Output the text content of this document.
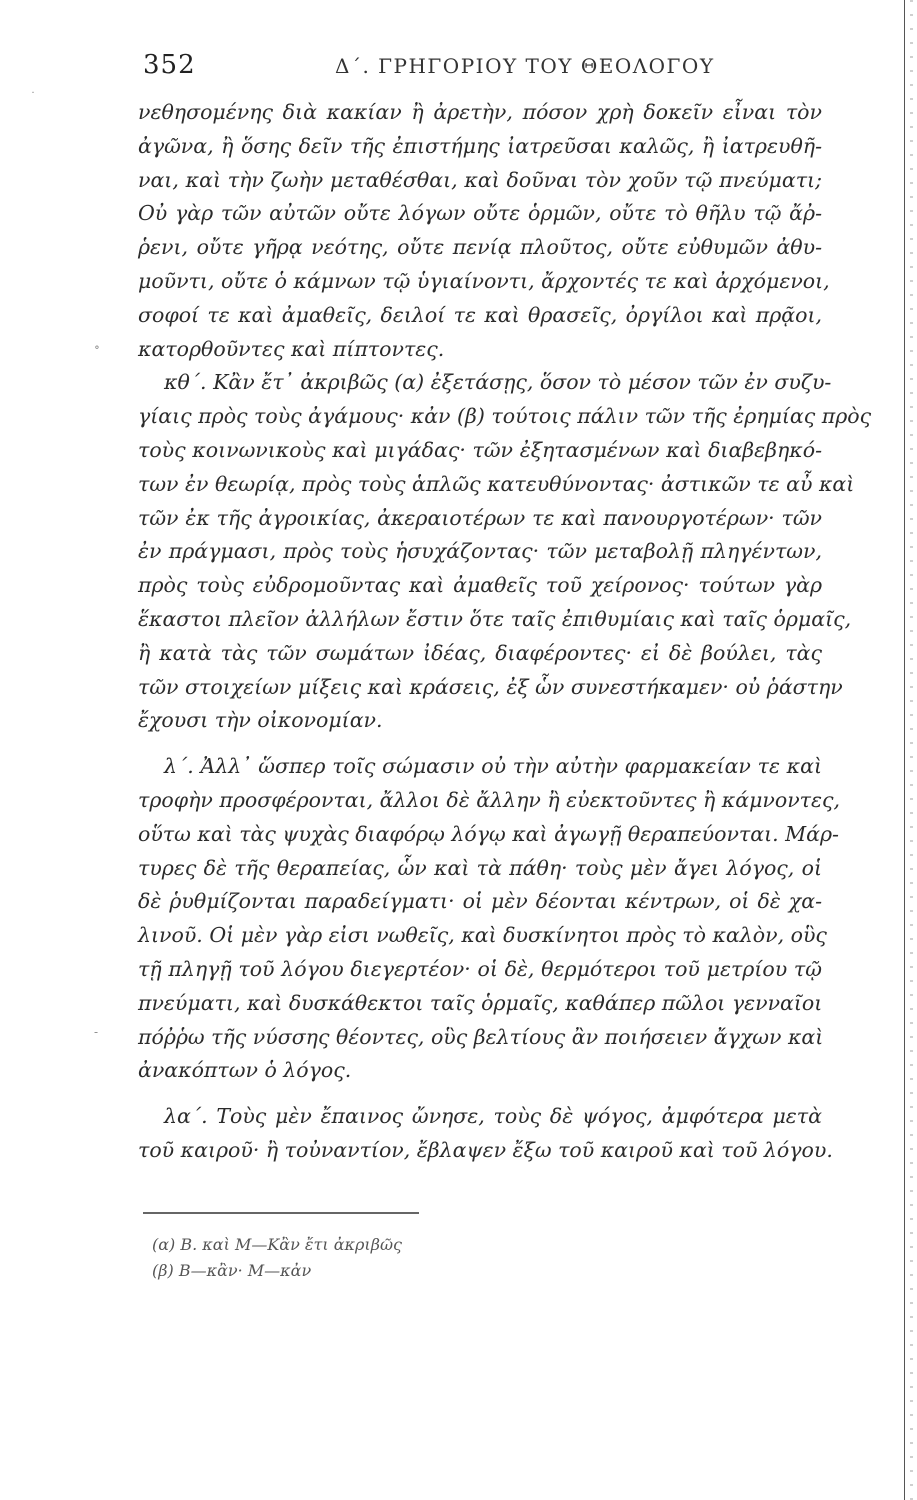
˙
∘
-
352	Δ΄. ΓΡΗΓΟΡΙΟΥ ΤΟΥ ΘΕΟΛΟΓΟΥ
νεθησομένης διὰ κακίαν ἢ ἀρετὴν, πόσον χρὴ δοκεῖν εἶναι τὸν
ἀγῶνα, ἢ ὅσης δεῖν τῆς ἐπιστήμης ἰατρεῦσαι καλῶς, ἢ ἰατρευθῆ-
ναι, καὶ τὴν ζωὴν μεταθέσθαι, καὶ δοῦναι τὸν χοῦν τῷ πνεύματι;
Οὐ γὰρ τῶν αὐτῶν οὔτε λόγων οὔτε ὁρμῶν, οὔτε τὸ θῆλυ τῷ ἄῤ-
ῥενι, οὔτε γῆρᾳ νεότης, οὔτε πενίᾳ πλοῦτος, οὔτε εὐθυμῶν ἀθυ-
μοῦντι, οὔτε ὁ κάμνων τῷ ὑγιαίνοντι, ἄρχοντές τε καὶ ἀρχόμενοι,
σοφοί τε καὶ ἀμαθεῖς, δειλοί τε καὶ θρασεῖς, ὀργίλοι καὶ πρᾷοι,
κατορθοῦντες καὶ πίπτοντες.
κθ΄. Κἂν ἔτ᾽ ἀκριβῶς (α) ἐξετάσῃς, ὅσον τὸ μέσον τῶν ἐν συζυ-
γίαις πρὸς τοὺς ἀγάμους· κἀν (β) τούτοις πάλιν τῶν τῆς ἐρημίας πρὸς
τοὺς κοινωνικοὺς καὶ μιγάδας· τῶν ἐξητασμένων καὶ διαβεβηκό-
των ἐν θεωρίᾳ, πρὸς τοὺς ἁπλῶς κατευθύνοντας· ἀστικῶν τε αὖ καὶ
τῶν ἐκ τῆς ἀγροικίας, ἀκεραιοτέρων τε καὶ πανουργοτέρων· τῶν
ἐν πράγμασι, πρὸς τοὺς ἡσυχάζοντας· τῶν μεταβολῇ πληγέντων,
πρὸς τοὺς εὐδρομοῦντας καὶ ἀμαθεῖς τοῦ χείρονος· τούτων γὰρ
ἕκαστοι πλεῖον ἀλλήλων ἔστιν ὅτε ταῖς ἐπιθυμίαις καὶ ταῖς ὁρμαῖς,
ἢ κατὰ τὰς τῶν σωμάτων ἰδέας, διαφέροντες· εἰ δὲ βούλει, τὰς
τῶν στοιχείων μίξεις καὶ κράσεις, ἐξ ὧν συνεστήκαμεν· οὐ ῥάστην
ἔχουσι τὴν οἰκονομίαν.
λ΄. Ἀλλ᾽ ὥσπερ τοῖς σώμασιν οὐ τὴν αὐτὴν φαρμακείαν τε καὶ
τροφὴν προσφέρονται, ἄλλοι δὲ ἄλλην ἢ εὐεκτοῦντες ἢ κάμνοντες,
οὕτω καὶ τὰς ψυχὰς διαφόρῳ λόγῳ καὶ ἀγωγῇ θεραπεύονται. Μάρ-
τυρες δὲ τῆς θεραπείας, ὧν καὶ τὰ πάθη· τοὺς μὲν ἄγει λόγος, οἱ
δὲ ῥυθμίζονται παραδείγματι· οἱ μὲν δέονται κέντρων, οἱ δὲ χα-
λινοῦ. Οἱ μὲν γὰρ εἰσι νωθεῖς, καὶ δυσκίνητοι πρὸς τὸ καλὸν, οὓς
τῇ πληγῇ τοῦ λόγου διεγερτέον· οἱ δὲ, θερμότεροι τοῦ μετρίου τῷ
πνεύματι, καὶ δυσκάθεκτοι ταῖς ὁρμαῖς, καθάπερ πῶλοι γενναῖοι
πόῤῥω τῆς νύσσης θέοντες, οὓς βελτίους ἂν ποιήσειεν ἄγχων καὶ
ἀνακόπτων ὁ λόγος.
λα΄. Τοὺς μὲν ἔπαινος ὤνησε, τοὺς δὲ ψόγος, ἀμφότερα μετὰ
τοῦ καιροῦ· ἢ τοὐναντίον, ἔβλαψεν ἔξω τοῦ καιροῦ καὶ τοῦ λόγου.
(α) Β. καὶ Μ—Κἂν ἔτι ἀκριβῶς
(β) Β—κἂν· Μ—κἀν
